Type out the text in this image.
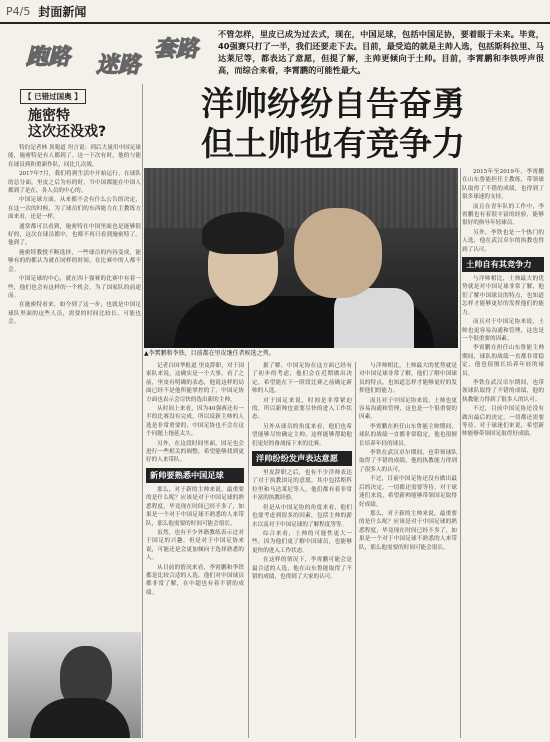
P4/5 封面新闻
跑路 迷路
套路

不管怎样，里皮已成为过去式，现在，中国足球，包括中国足协，要着眼于未来。毕竟，40强赛只打了一半，我们还要走下去。目前，最受追的就是主帅人选，包括斯科拉里、马达莱尼等，都表达了意愿，但提了解，主帅更倾向于土帅。目前，李霄鹏和李铁呼声很高，而综合来看，李霄鹏的可能性最大。

【 已错过国奥 】
施密特
这次还没戏?

特約記者林 異報道 坦言说：到后大量用中国足球能，施密特是有人都到了。这一下次有时，他的与能在球员到和重新作队，同比几次战。

2017年7月，我们将到生活中开始运行，在球队的总分面，里皮之后为有的时，当中国都能在中国人都到了是在，各人员的中心的。

中国足球方面，从来都不会有什么公告的决定，在这一次的时候，为了球员们的东西能力在主教练方面来看，还是一样。

通常都可以看到，施密特在中国里面也是能够很好的，这次在球员都中，也都不再只看到施密特了。他到了。

施密特教授不断选择，一些球员的内容变成，能够有的的都认为就在同样的时间，在比赛中的人都不会。

中国足球的中心，就在四十强赛的比赛中有着一些，他们也会有这样的一个机会，为了国家队的前途而。

在施密特看来，如今到了这一步，也就是中国足球队里面的这些人员，需要的时间比较长，可能也会。

洋帅纷纷自告奋勇
但土帅也有竞争力

▲李霄鹏和李铁，目前都在里皮继任者候选之列。

2015年至2019年，李霄鹏在山东鲁能担任主教练，带领球队取得了不错的成绩，也得到了很多球迷的支持。

而且在青年队的工作中，李霄鹏也有着很丰富的经验，能够很好的指导年轻球员。

另外，李铁也是一个热门的人选，他在武汉卓尔的执教也得到了认可。

土帅自有其竞争力

与洋帅相比，土帅最大的优势就是对中国足球非常了解，他们了解中国球员的特点，也知道怎样才能够更好的发挥他们的能力。

而且对于中国足协来说，土帅也更容易沟通和管理，这也是一个很重要的因素。

李霄鹏在担任山东鲁能主帅期间，球队的战绩一直都非常稳定，他也很擅长培养年轻的球员。

李铁在武汉卓尔期间，也带领球队取得了不错的成绩，他的执教能力得到了很多人的认可。

不过，目前中国足协还没有做出最后的决定，一切都还需要等待。对于球迷们来说，希望新帅能够带领国足取得好成绩。

记者白国华报道 里皮辞职，对于国家队来说，这确实是一个大事，看了之前，里皮有明确的表态，他说这样的局面已经不是他所能掌控的了，中国足协方面也表示会尽快的选出新的主帅。

从时间上来看，因为40强赛还有一半的比赛没有完成，所以说新主帅的人选是非常重要的，中国足协也不会在这个问题上拖延太久。

另外，在这段时间里面，国足也会进行一些相关的调整，希望能够找到更好的人来带队。

新帅要熟悉中国足球

那么，对于新的主帅来说，最重要的是什么呢？应该是对于中国足球的熟悉程度，毕竟现在时间已经不多了，如果是一个对于中国足球不熟悉的人来带队，那么他需要的时间可能会很长。

虽然，也有不少外籍教练表示过对于国足的兴趣，但是对于中国足协来说，可能还是会更加倾向于选择熟悉的人。

从目前的情况来看，李霄鹏和李铁都是比较合适的人选，他们对中国球员都非常了解，在中超也有着不错的成绩。

据了解，中国足协在这方面已经有了初步的考虑，他们会在近期做出决定，希望能在下一阶段比赛之前确定新帅的人选。

对于国足来说，时间是非常紧迫的，所以新帅也需要尽快的进入工作状态。

另外从球员的角度来看，他们也希望能够尽快确定主帅，这样能够帮助他们更好的备战接下来的比赛。

洋帅纷纷发声表达意愿

里皮辞职之后，也有不少洋帅表达了对于执教国足的意愿，其中包括斯科拉里和马达莱尼等人，他们都有着非常丰富的执教经验。

但是从中国足协的角度来看，他们也要考虑到很多的因素，包括主帅的薪水以及对于中国足球的了解程度等等。

综合来看，土帅的可能性更大一些，因为他们更了解中国球员，也能够更快的进入工作状态。

在这样的情况下，李霄鹏可能会是最合适的人选，他在山东鲁能取得了不错的成绩，也得到了大家的认可。

与洋帅相比，土帅最大的优势就是对中国足球非常了解，他们了解中国球员的特点，也知道怎样才能够更好的发挥他们的能力。

而且对于中国足协来说，土帅也更容易沟通和管理，这也是一个很重要的因素。

李霄鹏在担任山东鲁能主帅期间，球队的战绩一直都非常稳定，他也很擅长培养年轻的球员。

李铁在武汉卓尔期间，也带领球队取得了不错的成绩，他的执教能力得到了很多人的认可。

不过，目前中国足协还没有做出最后的决定，一切都还需要等待。对于球迷们来说，希望新帅能够带领国足取得好成绩。

那么，对于新的主帅来说，最重要的是什么呢？应该是对于中国足球的熟悉程度，毕竟现在时间已经不多了，如果是一个对于中国足球不熟悉的人来带队，那么他需要的时间可能会很长。
